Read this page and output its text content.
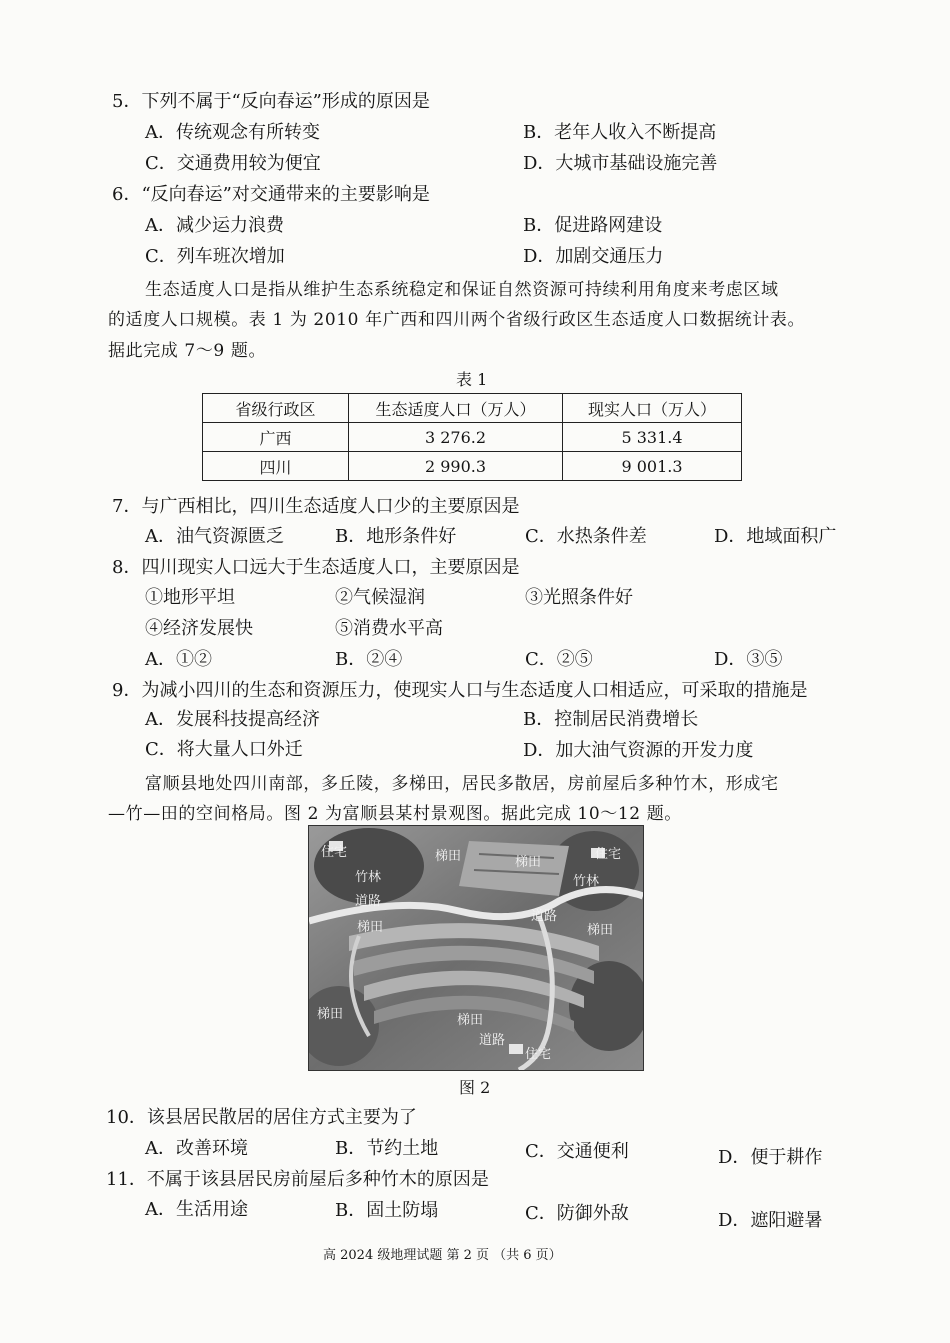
5．下列不属于“反向春运”形成的原因是
A．传统观念有所转变	B．老年人收入不断提高
C．交通费用较为便宜	D．大城市基础设施完善
6．“反向春运”对交通带来的主要影响是
A．减少运力浪费	B．促进路网建设
C．列车班次增加	D．加剧交通压力
生态适度人口是指从维护生态系统稳定和保证自然资源可持续利用角度来考虑区域
的适度人口规模。表 1 为 2010 年广西和四川两个省级行政区生态适度人口数据统计表。
据此完成 7～9 题。
表 1
省级行政区	生态适度人口（万人）	现实人口（万人）
广西	3 276.2	5 331.4
四川	2 990.3	9 001.3
7．与广西相比，四川生态适度人口少的主要原因是
A．油气资源匮乏	B．地形条件好	C．水热条件差	D．地域面积广
8．四川现实人口远大于生态适度人口，主要原因是
①地形平坦	②气候湿润	③光照条件好
④经济发展快	⑤消费水平高
A．①②	B．②④	C．②⑤	D．③⑤
9．为减小四川的生态和资源压力，使现实人口与生态适度人口相适应，可采取的措施是
A．发展科技提高经济	B．控制居民消费增长
C．将大量人口外迁	D．加大油气资源的开发力度
富顺县地处四川南部，多丘陵，多梯田，居民多散居，房前屋后多种竹木，形成宅
—竹—田的空间格局。图 2 为富顺县某村景观图。据此完成 10～12 题。
住宅	梯田	梯田
住宅
竹林	竹林
道路
道路
梯田	梯田
梯田	梯田
道路
住宅
图 2
10．该县居民散居的居住方式主要为了
A．改善环境	B．节约土地	C．交通便利	D．便于耕作
11．不属于该县居民房前屋后多种竹木的原因是
A．生活用途	B．固土防塌	C．防御外敌	D．遮阳避暑
高 2024 级地理试题 第 2 页 （共 6 页）
